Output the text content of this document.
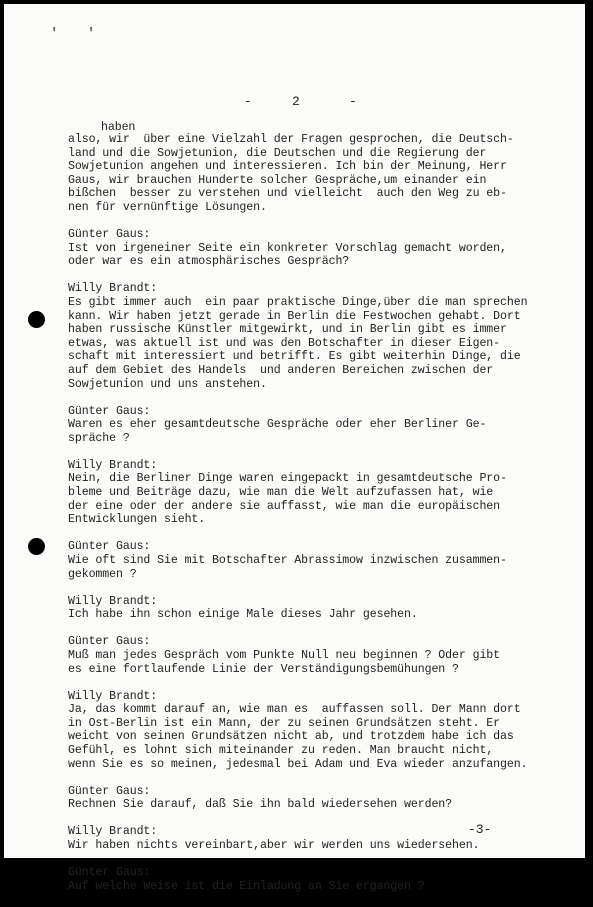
' '
-	2	-
haben
also, wir  über eine Vielzahl der Fragen gesprochen, die Deutsch-
land und die Sowjetunion, die Deutschen und die Regierung der
Sowjetunion angehen und interessieren. Ich bin der Meinung, Herr
Gaus, wir brauchen Hunderte solcher Gespräche,um einander ein
bißchen  besser zu verstehen und vielleicht  auch den Weg zu eb-
nen für vernünftige Lösungen.
Günter Gaus:
Ist von irgeneiner Seite ein konkreter Vorschlag gemacht worden,
oder war es ein atmosphärisches Gespräch?
Willy Brandt:
Es gibt immer auch  ein paar praktische Dinge,über die man sprechen
kann. Wir haben jetzt gerade in Berlin die Festwochen gehabt. Dort
haben russische Künstler mitgewirkt, und in Berlin gibt es immer
etwas, was aktuell ist und was den Botschafter in dieser Eigen-
schaft mit interessiert und betrifft. Es gibt weiterhin Dinge, die
auf dem Gebiet des Handels  und anderen Bereichen zwischen der
Sowjetunion und uns anstehen.
Günter Gaus:
Waren es eher gesamtdeutsche Gespräche oder eher Berliner Ge-
spräche ?
Willy Brandt:
Nein, die Berliner Dinge waren eingepackt in gesamtdeutsche Pro-
bleme und Beiträge dazu, wie man die Welt aufzufassen hat, wie
der eine oder der andere sie auffasst, wie man die europäischen
Entwicklungen sieht.
Günter Gaus:
Wie oft sind Sie mit Botschafter Abrassimow inzwischen zusammen-
gekommen ?
Willy Brandt:
Ich habe ihn schon einige Male dieses Jahr gesehen.
Günter Gaus:
Muß man jedes Gespräch vom Punkte Null neu beginnen ? Oder gibt
es eine fortlaufende Linie der Verständigungsbemühungen ?
Willy Brandt:
Ja, das kommt darauf an, wie man es  auffassen soll. Der Mann dort
in Ost-Berlin ist ein Mann, der zu seinen Grundsätzen steht. Er
weicht von seinen Grundsätzen nicht ab, und trotzdem habe ich das
Gefühl, es lohnt sich miteinander zu reden. Man braucht nicht,
wenn Sie es so meinen, jedesmal bei Adam und Eva wieder anzufangen.
Günter Gaus:
Rechnen Sie darauf, daß Sie ihn bald wiedersehen werden?
Willy Brandt:
Wir haben nichts vereinbart,aber wir werden uns wiedersehen.
Günter Gaus:
Auf welche Weise ist die Einladung an Sie ergangen ?
-3-
